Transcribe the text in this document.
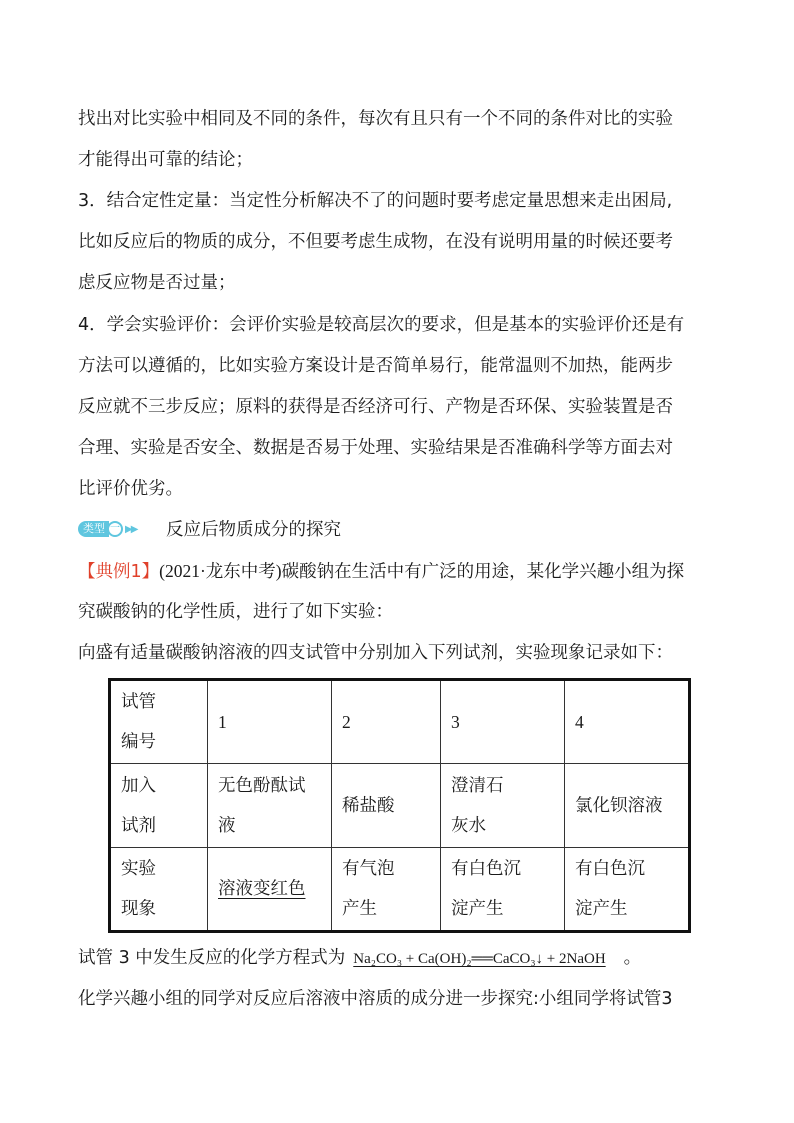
找出对比实验中相同及不同的条件，每次有且只有一个不同的条件对比的实验
才能得出可靠的结论；
3．结合定性定量：当定性分析解决不了的问题时要考虑定量思想来走出困局,
比如反应后的物质的成分，不但要考虑生成物，在没有说明用量的时候还要考
虑反应物是否过量；
4．学会实验评价：会评价实验是较高层次的要求，但是基本的实验评价还是有
方法可以遵循的，比如实验方案设计是否简单易行，能常温则不加热，能两步
反应就不三步反应；原料的获得是否经济可行、产物是否环保、实验装置是否
合理、实验是否安全、数据是否易于处理、实验结果是否准确科学等方面去对
比评价优劣。
类型 一 ▶▶ 反应后物质成分的探究
【典例1】(2021·龙东中考)碳酸钠在生活中有广泛的用途，某化学兴趣小组为探
究碳酸钠的化学性质，进行了如下实验：
向盛有适量碳酸钠溶液的四支试管中分别加入下列试剂，实验现象记录如下：
试管编号	1	2	3	4

加入试剂	无色酚酞试液	稀盐酸	澄清石灰水	氯化钡溶液

实验现象	溶液变红色	有气泡产生	有白色沉淀产生	有白色沉淀产生
试管 3 中发生反应的化学方程式为 Na₂CO₃ + Ca(OH)₂══CaCO₃↓ + 2NaOH 。
化学兴趣小组的同学对反应后溶液中溶质的成分进一步探究:小组同学将试管3
